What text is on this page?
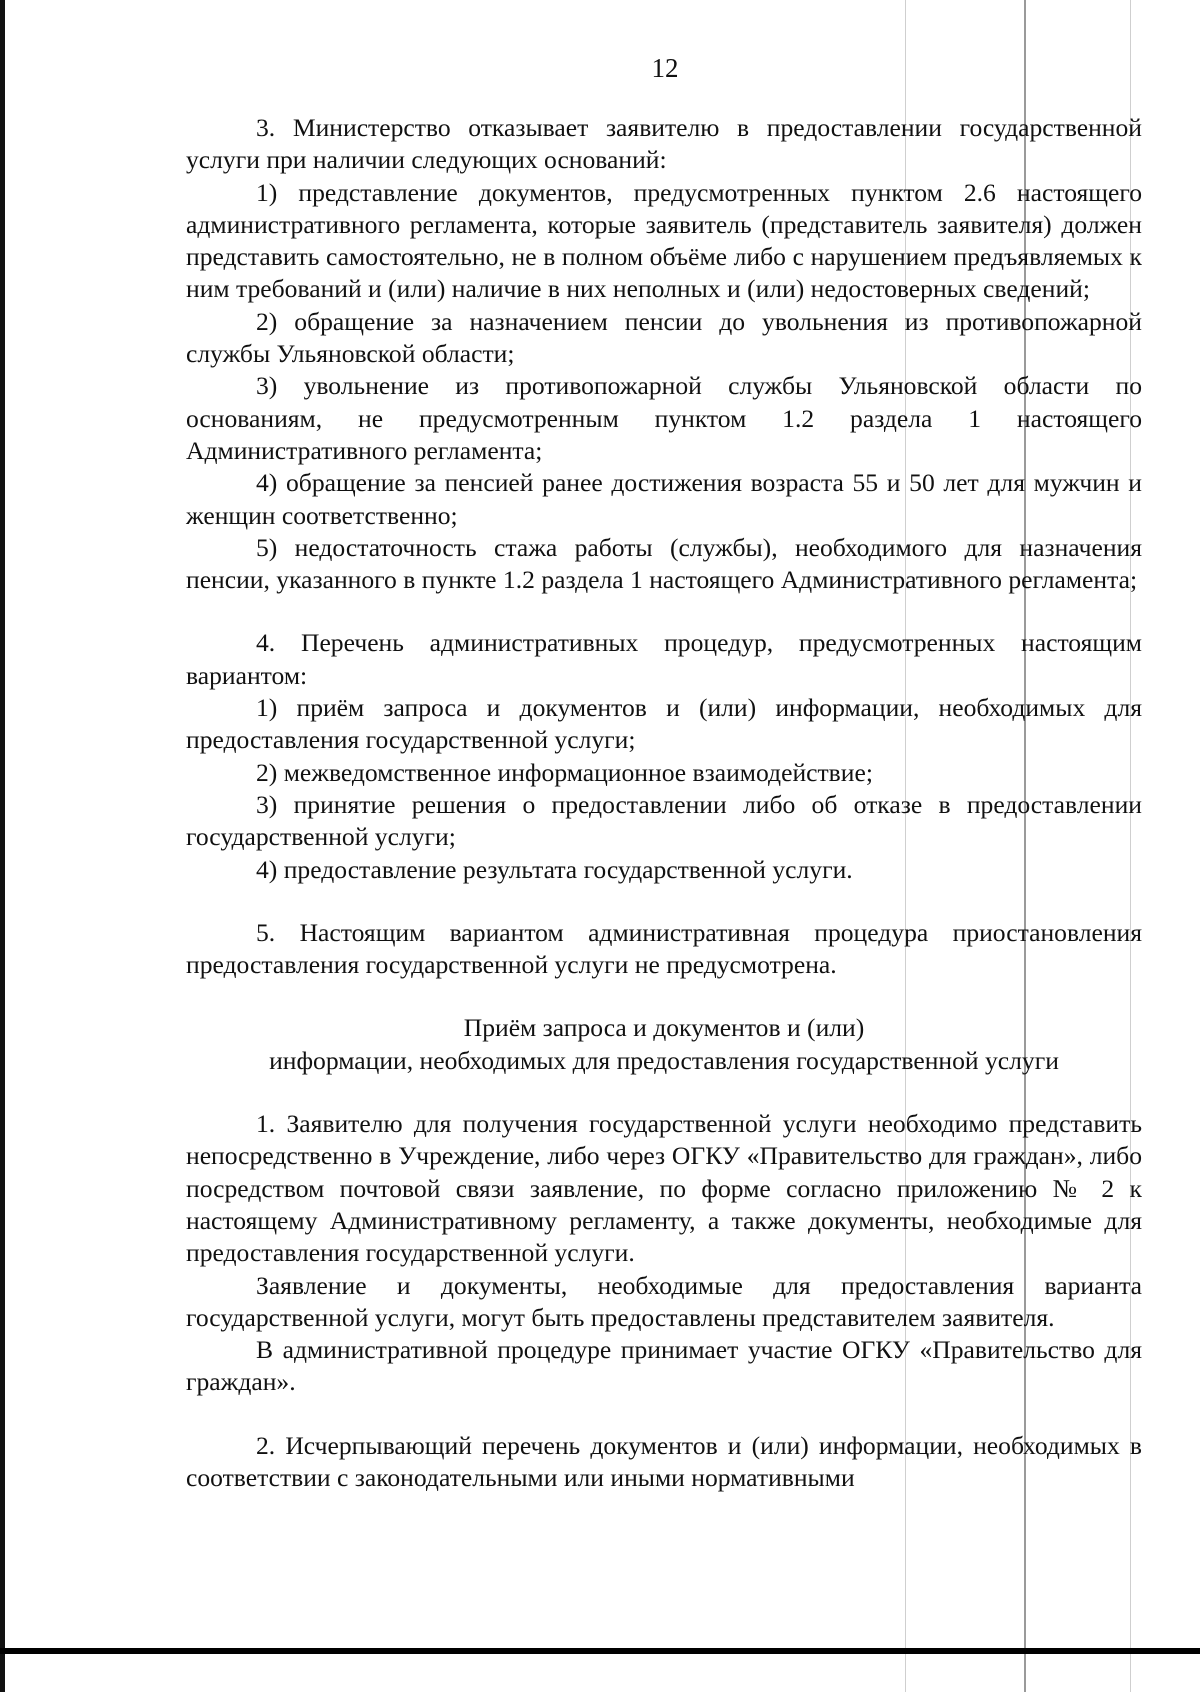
12

3. Министерство отказывает заявителю в предоставлении государственной услуги при наличии следующих оснований:

1) представление документов, предусмотренных пунктом 2.6 настоящего административного регламента, которые заявитель (представитель заявителя) должен представить самостоятельно, не в полном объёме либо с нарушением предъявляемых к ним требований и (или) наличие в них неполных и (или) недостоверных сведений;

2) обращение за назначением пенсии до увольнения из противопожарной службы Ульяновской области;

3) увольнение из противопожарной службы Ульяновской области по основаниям, не предусмотренным пунктом 1.2 раздела 1 настоящего Административного регламента;

4) обращение за пенсией ранее достижения возраста 55 и 50 лет для мужчин и женщин соответственно;

5) недостаточность стажа работы (службы), необходимого для назначения пенсии, указанного в пункте 1.2 раздела 1 настоящего Административного регламента;

4. Перечень административных процедур, предусмотренных настоящим вариантом:

1) приём запроса и документов и (или) информации, необходимых для предоставления государственной услуги;

2) межведомственное информационное взаимодействие;

3) принятие решения о предоставлении либо об отказе в предоставлении государственной услуги;

4) предоставление результата государственной услуги.

5. Настоящим вариантом административная процедура приостановления предоставления государственной услуги не предусмотрена.

Приём запроса и документов и (или)
информации, необходимых для предоставления государственной услуги

1. Заявителю для получения государственной услуги необходимо представить непосредственно в Учреждение, либо через ОГКУ «Правительство для граждан», либо посредством почтовой связи заявление, по форме согласно приложению № 2 к настоящему Административному регламенту, а также документы, необходимые для предоставления государственной услуги.

Заявление и документы, необходимые для предоставления варианта государственной услуги, могут быть предоставлены представителем заявителя.

В административной процедуре принимает участие ОГКУ «Правительство для граждан».

2. Исчерпывающий перечень документов и (или) информации, необходимых в соответствии с законодательными или иными нормативными
